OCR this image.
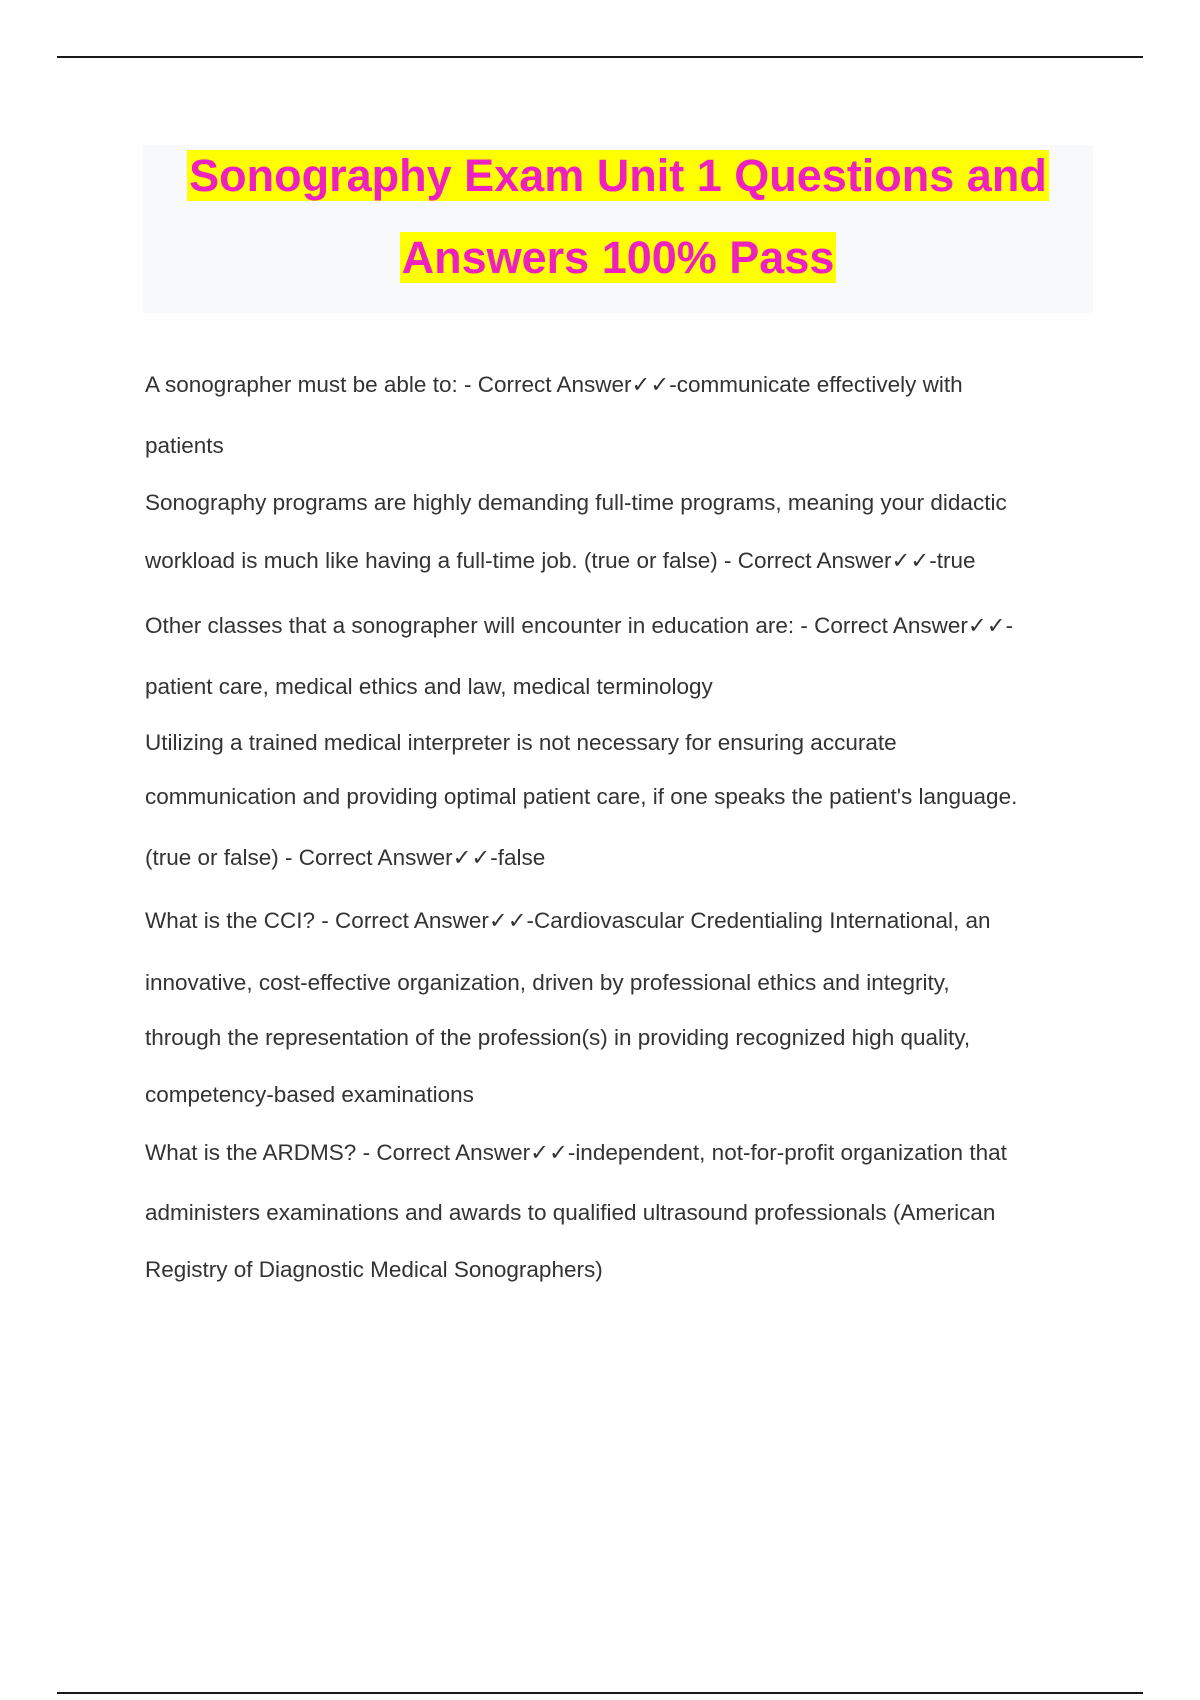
Sonography Exam Unit 1 Questions and
Answers 100% Pass
A sonographer must be able to: - Correct Answer✓✓-communicate effectively with
patients
Sonography programs are highly demanding full-time programs, meaning your didactic
workload is much like having a full-time job. (true or false) - Correct Answer✓✓-true
Other classes that a sonographer will encounter in education are: - Correct Answer✓✓-
patient care, medical ethics and law, medical terminology
Utilizing a trained medical interpreter is not necessary for ensuring accurate
communication and providing optimal patient care, if one speaks the patient's language.
(true or false) - Correct Answer✓✓-false
What is the CCI? - Correct Answer✓✓-Cardiovascular Credentialing International, an
innovative, cost-effective organization, driven by professional ethics and integrity,
through the representation of the profession(s) in providing recognized high quality,
competency-based examinations
What is the ARDMS? - Correct Answer✓✓-independent, not-for-profit organization that
administers examinations and awards to qualified ultrasound professionals (American
Registry of Diagnostic Medical Sonographers)
